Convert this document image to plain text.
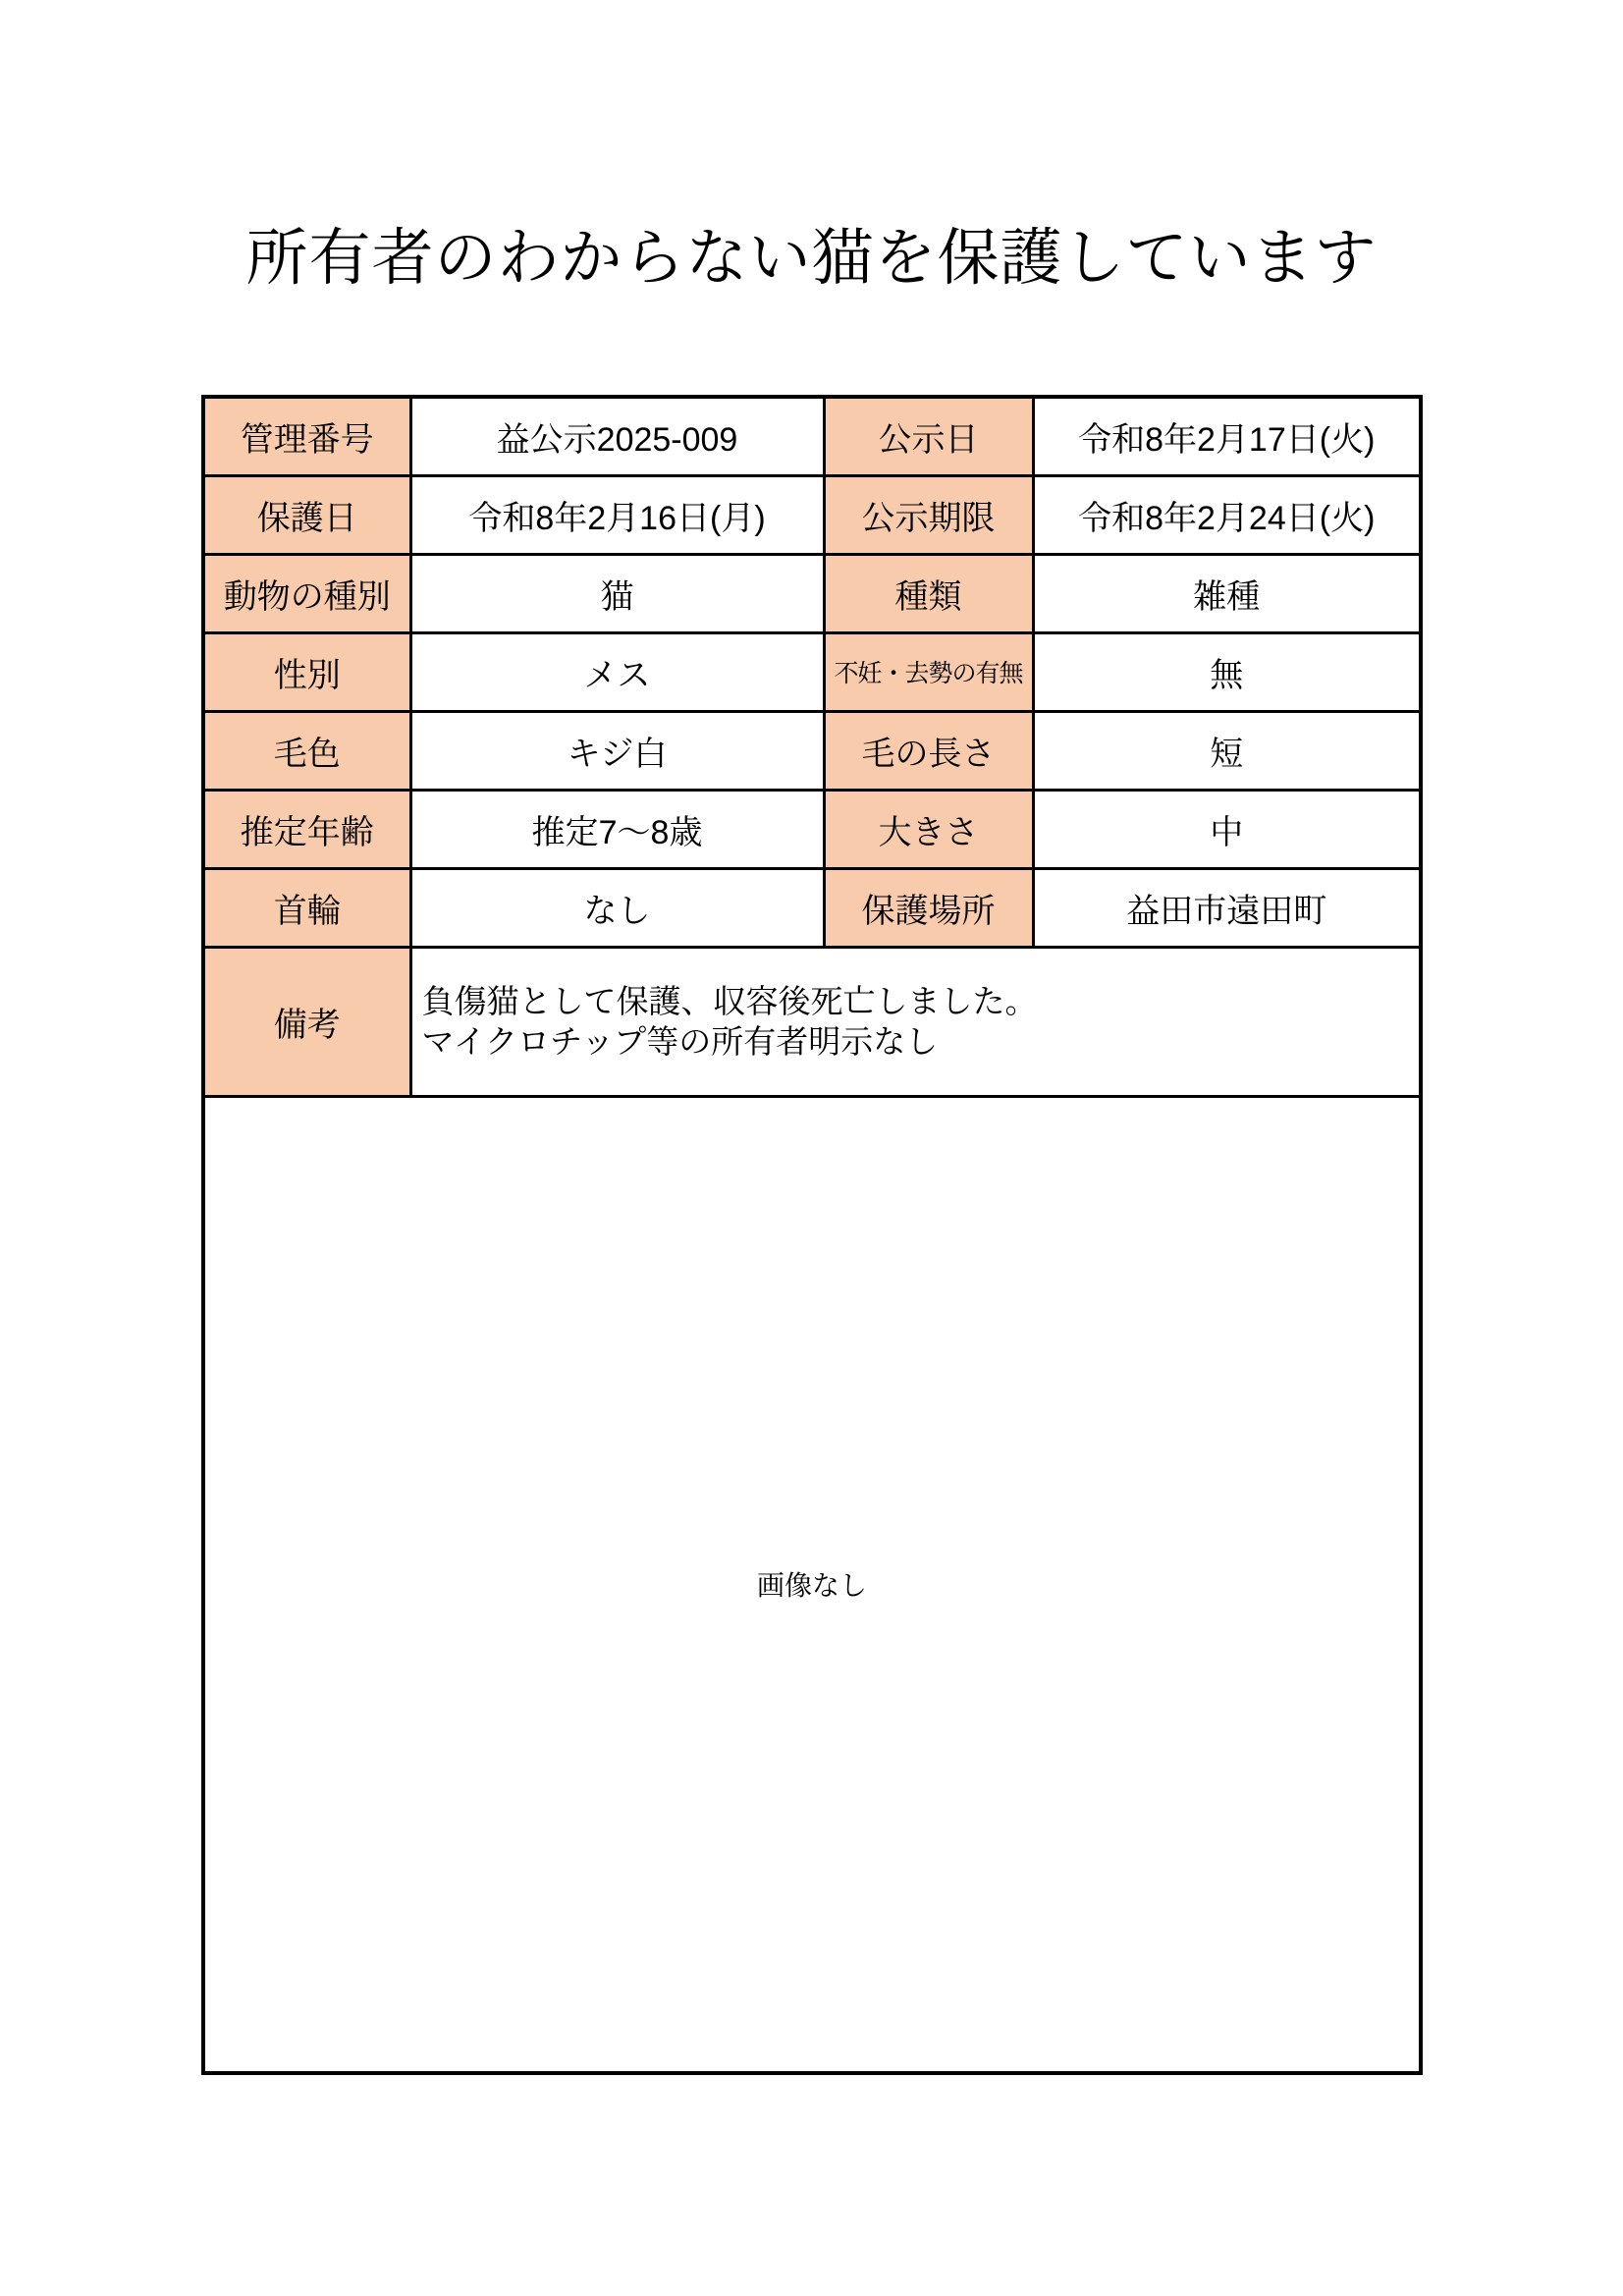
所有者のわからない猫を保護しています
管理番号	益公示2025-009	公示日	令和8年2月17日(火)
保護日	令和8年2月16日(月)	公示期限	令和8年2月24日(火)
動物の種別	猫	種類	雑種
性別	メス	不妊・去勢の有無	無
毛色	キジ白	毛の長さ	短
推定年齢	推定7～8歳	大きさ	中
首輪	なし	保護場所	益田市遠田町
備考	負傷猫として保護、収容後死亡しました。
マイクロチップ等の所有者明示なし		

画像なし			
